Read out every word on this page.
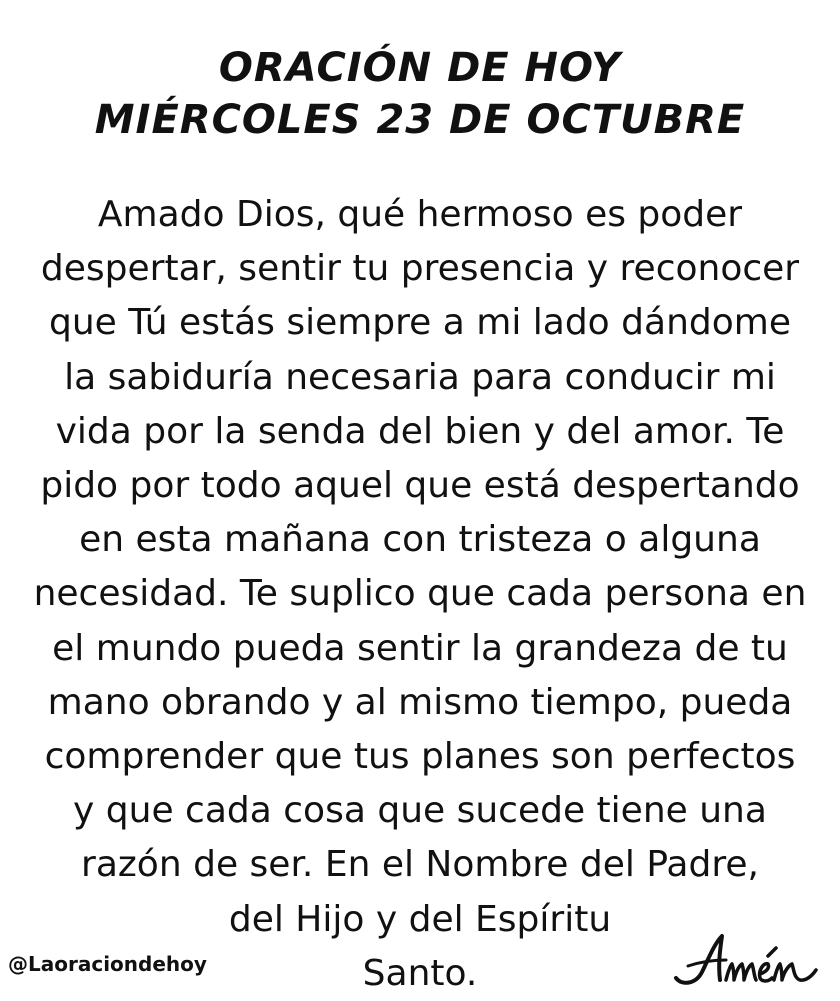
ORACIÓN DE HOY
MIÉRCOLES 23 DE OCTUBRE
Amado Dios, qué hermoso es poder
despertar, sentir tu presencia y reconocer
que Tú estás siempre a mi lado dándome
la sabiduría necesaria para conducir mi
vida por la senda del bien y del amor. Te
pido por todo aquel que está despertando
en esta mañana con tristeza o alguna
necesidad. Te suplico que cada persona en
el mundo pueda sentir la grandeza de tu
mano obrando y al mismo tiempo, pueda
comprender que tus planes son perfectos
y que cada cosa que sucede tiene una
razón de ser. En el Nombre del Padre,
del Hijo y del Espíritu
Santo.
@Laoraciondehoy
